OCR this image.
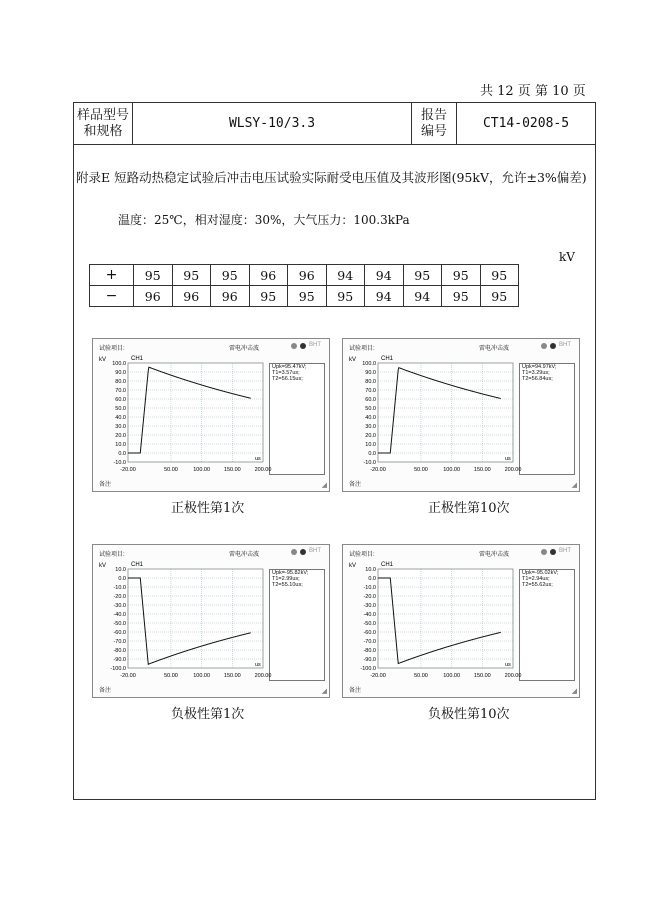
共 12 页 第 10 页
样品型号
和规格
	WLSY-10/3.3	
报告
编号
	CT14-0208-5
附录E 短路动热稳定试验后冲击电压试验实际耐受电压值及其波形图(95kV，允许±3%偏差)
温度：25℃，相对湿度：30%，大气压力：100.3kPa
kV
+	95	95	95	96	96	94	94	95	95	95
−	96	96	96	95	95	95	94	94	95	95
试验项目:	雷电冲击波
BHT
Upk=95.47kV;
T1=3.57us;
T2=56.15us;
备注	◢
kV	CH1
100.0
90.0
80.0
70.0
60.0
50.0
40.0
30.0
20.0
10.0
0.0
-10.0
-20.00	50.00	100.00	150.00	200.00
us
试验项目:	雷电冲击波
BHT
Upk=94.97kV;
T1=3.29us;
T2=56.84us;
备注	◢
kV	CH1
100.0
90.0
80.0
70.0
60.0
50.0
40.0
30.0
20.0
10.0
0.0
-10.0
-20.00	50.00	100.00	150.00	200.00
us
试验项目:	雷电冲击波
BHT
Upk=-95.82kV;
T1=2.99us;
T2=55.10us;
备注	◢
kV	CH1
10.0
0.0
-10.0
-20.0
-30.0
-40.0
-50.0
-60.0
-70.0
-80.0
-90.0
-100.0
-20.00	50.00	100.00	150.00	200.00
us
试验项目:	雷电冲击波
BHT
Upk=-95.02kV;
T1=2.94us;
T2=55.62us;
备注	◢
kV	CH1
10.0
0.0
-10.0
-20.0
-30.0
-40.0
-50.0
-60.0
-70.0
-80.0
-90.0
-100.0
-20.00	50.00	100.00	150.00	200.00
us
正极性第1次	正极性第10次
负极性第1次	负极性第10次
